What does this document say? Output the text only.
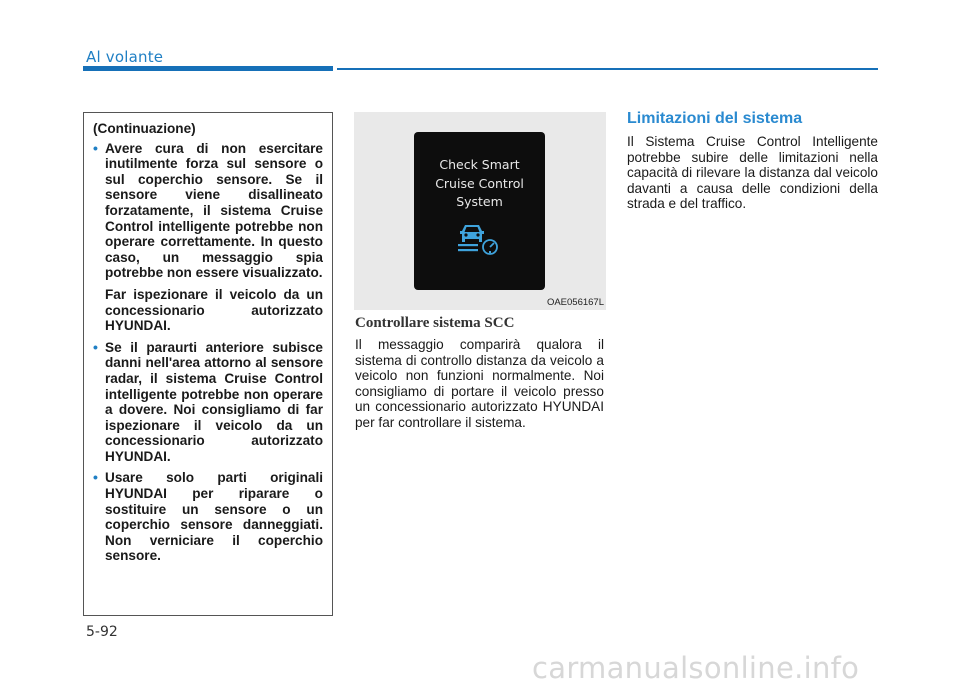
Al volante
(Continuazione)
• Avere cura di non esercitare inutilmente forza sul sensore o sul coperchio sensore. Se il sensore viene disallineato forzatamente, il sistema Cruise Control intelligente potrebbe non operare correttamente. In questo caso, un messaggio spia potrebbe non essere visualizzato.
Far ispezionare il veicolo da un concessionario autorizzato HYUNDAI.
• Se il paraurti anteriore subisce danni nell'area attorno al sensore radar, il sistema Cruise Control intelligente potrebbe non operare a dovere. Noi consigliamo di far ispezionare il veicolo da un concessionario autorizzato HYUNDAI.
• Usare solo parti originali HYUNDAI per riparare o sostituire un sensore o un coperchio sensore danneggiati. Non verniciare il coperchio sensore.
Check Smart
Cruise Control
System
OAE056167L
Controllare sistema SCC
Il messaggio comparirà qualora il sistema di controllo distanza da veicolo a veicolo non funzioni normalmente. Noi consigliamo di portare il veicolo presso un concessionario autorizzato HYUNDAI per far controllare il sistema.
Limitazioni del sistema
Il Sistema Cruise Control Intelligente potrebbe subire delle limitazioni nella capacità di rilevare la distanza dal veicolo davanti a causa delle condizioni della strada e del traffico.
5-92
carmanualsonline.info
